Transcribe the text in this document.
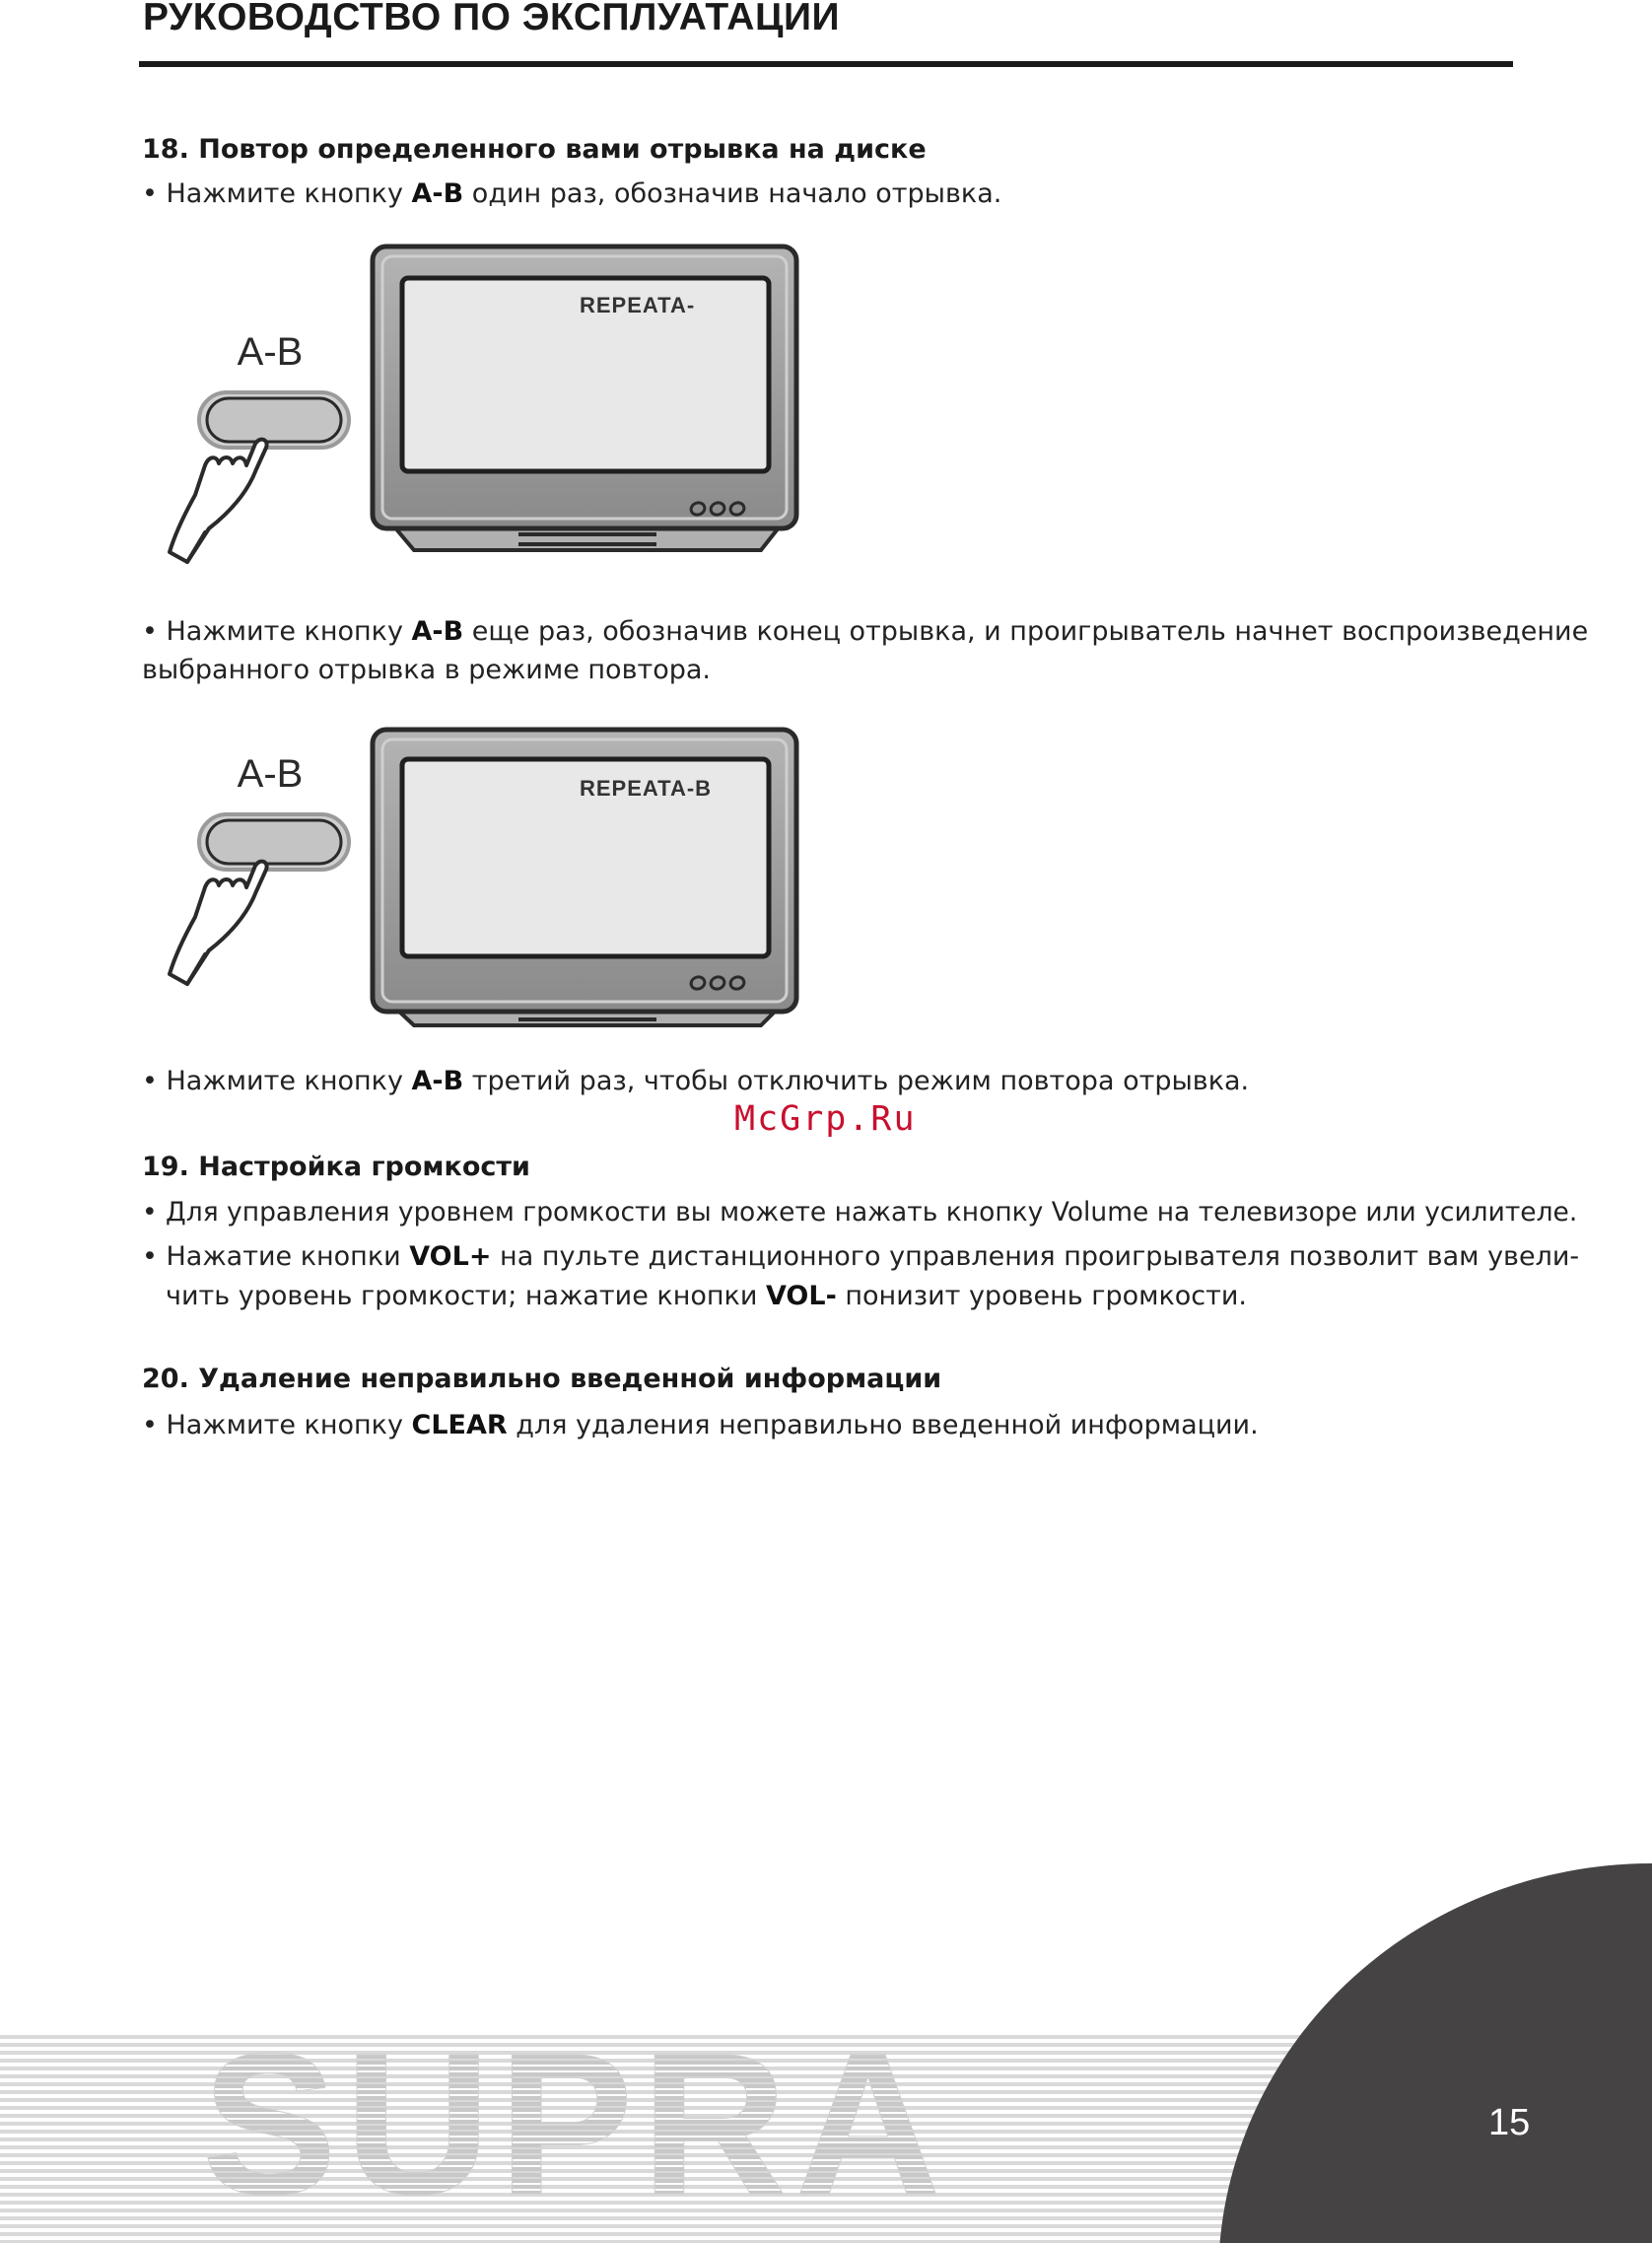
РУКОВОДСТВО ПО ЭКСПЛУАТАЦИИ
18. Повтор определенного вами отрывка на диске
• Нажмите кнопку A-B один раз, обозначив начало отрывка.
A-B
REPEATA-
• Нажмите кнопку A-B еще раз, обозначив конец отрывка, и проигрыватель начнет воспроизведение
выбранного отрывка в режиме повтора.
A-B	REPEATA-B
• Нажмите кнопку A-B третий раз, чтобы отключить режим повтора отрывка.
McGrp.Ru
19. Настройка громкости
• Для управления уровнем громкости вы можете нажать кнопку Volume на телевизоре или усилителе.
• Нажатие кнопки VOL+ на пульте дистанционного управления проигрывателя позволит вам увели-
чить уровень громкости; нажатие кнопки VOL- понизит уровень громкости.
20. Удаление неправильно введенной информации
• Нажмите кнопку CLEAR для удаления неправильно введенной информации.
SUPRA	15
